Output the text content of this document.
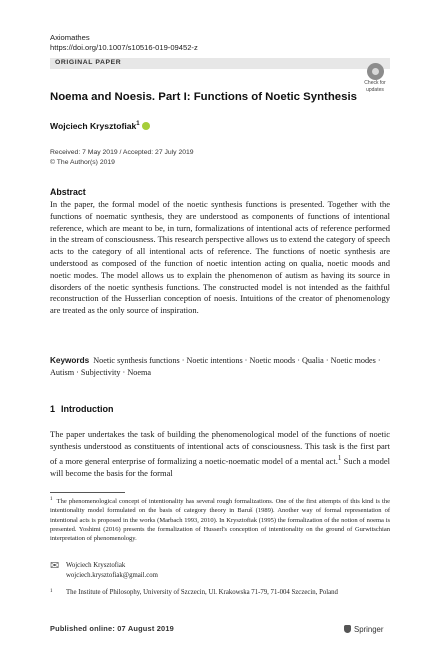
Axiomathes
https://doi.org/10.1007/s10516-019-09452-z
ORIGINAL PAPER
Check for
updates
Noema and Noesis. Part I: Functions of Noetic Synthesis
Wojciech Krysztofiak$^1$
Received: 7 May 2019 / Accepted: 27 July 2019
© The Author(s) 2019
Abstract
In the paper, the formal model of the noetic synthesis functions is presented. Together with the functions of noematic synthesis, they are understood as components of functions of intentional reference, which are meant to be, in turn, formalizations of intentional acts of reference performed in the stream of consciousness. This research perspective allows us to extend the category of speech acts to the category of all intentional acts of reference. The functions of noetic synthesis are understood as composed of the function of noetic intention acting on qualia, noetic moods and noetic modes. The model allows us to explain the phenomenon of autism as having its source in disorders of the noetic synthesis functions. The constructed model is not intended as the faithful reconstruction of the Husserlian conception of noesis. Intuitions of the creator of phenomenology are treated as the only source of inspiration.
Keywords Noetic synthesis functions · Noetic intentions · Noetic moods · Qualia · Noetic modes · Autism · Subjectivity · Noema
1 Introduction
The paper undertakes the task of building the phenomenological model of the functions of noetic synthesis understood as constituents of intentional acts of consciousness. This task is the first part of a more general enterprise of formalizing a noetic-noematic model of a mental act.$^1$ Such a model will become the basis for the formal
$^1$ The phenomenological concept of intentionality has several rough formalizations. One of the first attempts of this kind is the intentionality model formulated on the basis of category theory in Baruš (1989). Another way of formal representation of intentional acts is proposed in the works (Marbach 1993, 2010). In Krysztofiak (1995) the formalization of the notion of noema is presented. Yoshimi (2016) presents the formalization of Husserl's conception of intentionality on the ground of Gurwitschian interpretation of phenomenology.
✉ Wojciech Krysztofiak
wojciech.krysztofiak@gmail.com
1 The Institute of Philosophy, University of Szczecin, Ul. Krakowska 71-79, 71-004 Szczecin, Poland
Published online: 07 August 2019	Springer
